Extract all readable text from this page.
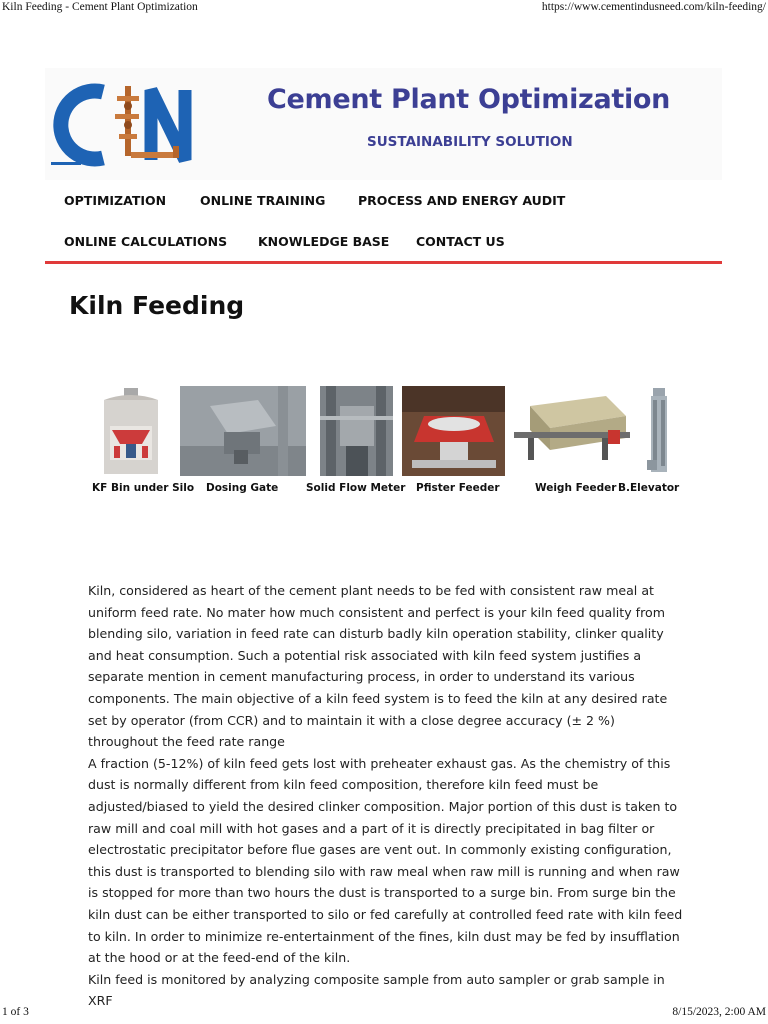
Kiln Feeding - Cement Plant Optimization	https://www.cementindusneed.com/kiln-feeding/
Cement Plant Optimization
SUSTAINABILITY SOLUTION
OPTIMIZATION	ONLINE TRAINING	PROCESS AND ENERGY AUDIT
ONLINE CALCULATIONS KNOWLEDGE BASE CONTACT US
Kiln Feeding
KF Bin under Silo Dosing Gate	Solid Flow Meter Pfister Feeder	Weigh Feeder B.Elevator

Kiln, considered as heart of the cement plant needs to be fed with consistent raw meal at uniform feed rate. No mater how much consistent and perfect is your kiln feed quality from blending silo, variation in feed rate can disturb badly kiln operation stability, clinker quality and heat consumption. Such a potential risk associated with kiln feed system justifies a separate mention in cement manufacturing process, in order to understand its various components. The main objective of a kiln feed system is to feed the kiln at any desired rate set by operator (from CCR) and to maintain it with a close degree accuracy (± 2 %) throughout the feed rate range

A fraction (5-12%) of kiln feed gets lost with preheater exhaust gas. As the chemistry of this dust is normally different from kiln feed composition, therefore kiln feed must be adjusted/biased to yield the desired clinker composition. Major portion of this dust is taken to raw mill and coal mill with hot gases and a part of it is directly precipitated in bag filter or electrostatic precipitator before flue gases are vent out. In commonly existing configuration, this dust is transported to blending silo with raw meal when raw mill is running and when raw is stopped for more than two hours the dust is transported to a surge bin. From surge bin the kiln dust can be either transported to silo or fed carefully at controlled feed rate with kiln feed to kiln. In order to minimize re-entertainment of the fines, kiln dust may be fed by insufflation at the hood or at the feed-end of the kiln.

Kiln feed is monitored by analyzing composite sample from auto sampler or grab sample in XRF

1 of 3	8/15/2023, 2:00 AM
